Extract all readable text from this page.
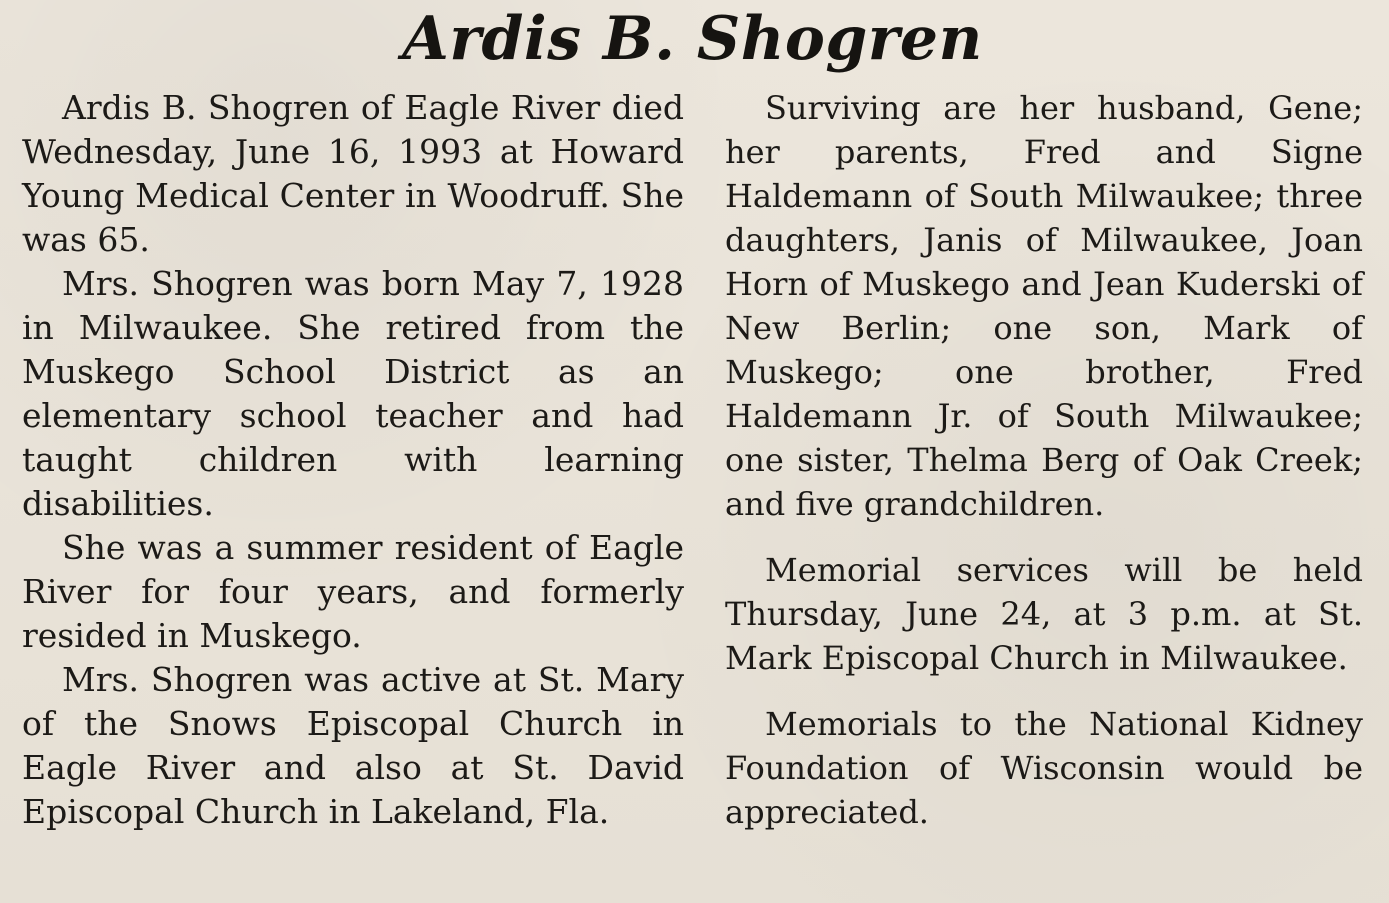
Ardis B. Shogren

Ardis B. Shogren of Eagle River died Wednesday, June 16, 1993 at Howard Young Medical Center in Woodruff. She was 65.

Mrs. Shogren was born May 7, 1928 in Milwaukee. She retired from the Muskego School District as an elementary school teacher and had taught children with learning disabilities.

She was a summer resident of Eagle River for four years, and formerly resided in Muskego.

Mrs. Shogren was active at St. Mary of the Snows Episcopal Church in Eagle River and also at St. David Episcopal Church in Lakeland, Fla.

Surviving are her husband, Gene; her parents, Fred and Signe Haldemann of South Milwaukee; three daughters, Janis of Milwaukee, Joan Horn of Muskego and Jean Kuderski of New Berlin; one son, Mark of Muskego; one brother, Fred Haldemann Jr. of South Milwaukee; one sister, Thelma Berg of Oak Creek; and five grandchildren.

Memorial services will be held Thursday, June 24, at 3 p.m. at St. Mark Episcopal Church in Milwaukee.

Memorials to the National Kidney Foundation of Wisconsin would be appreciated.
